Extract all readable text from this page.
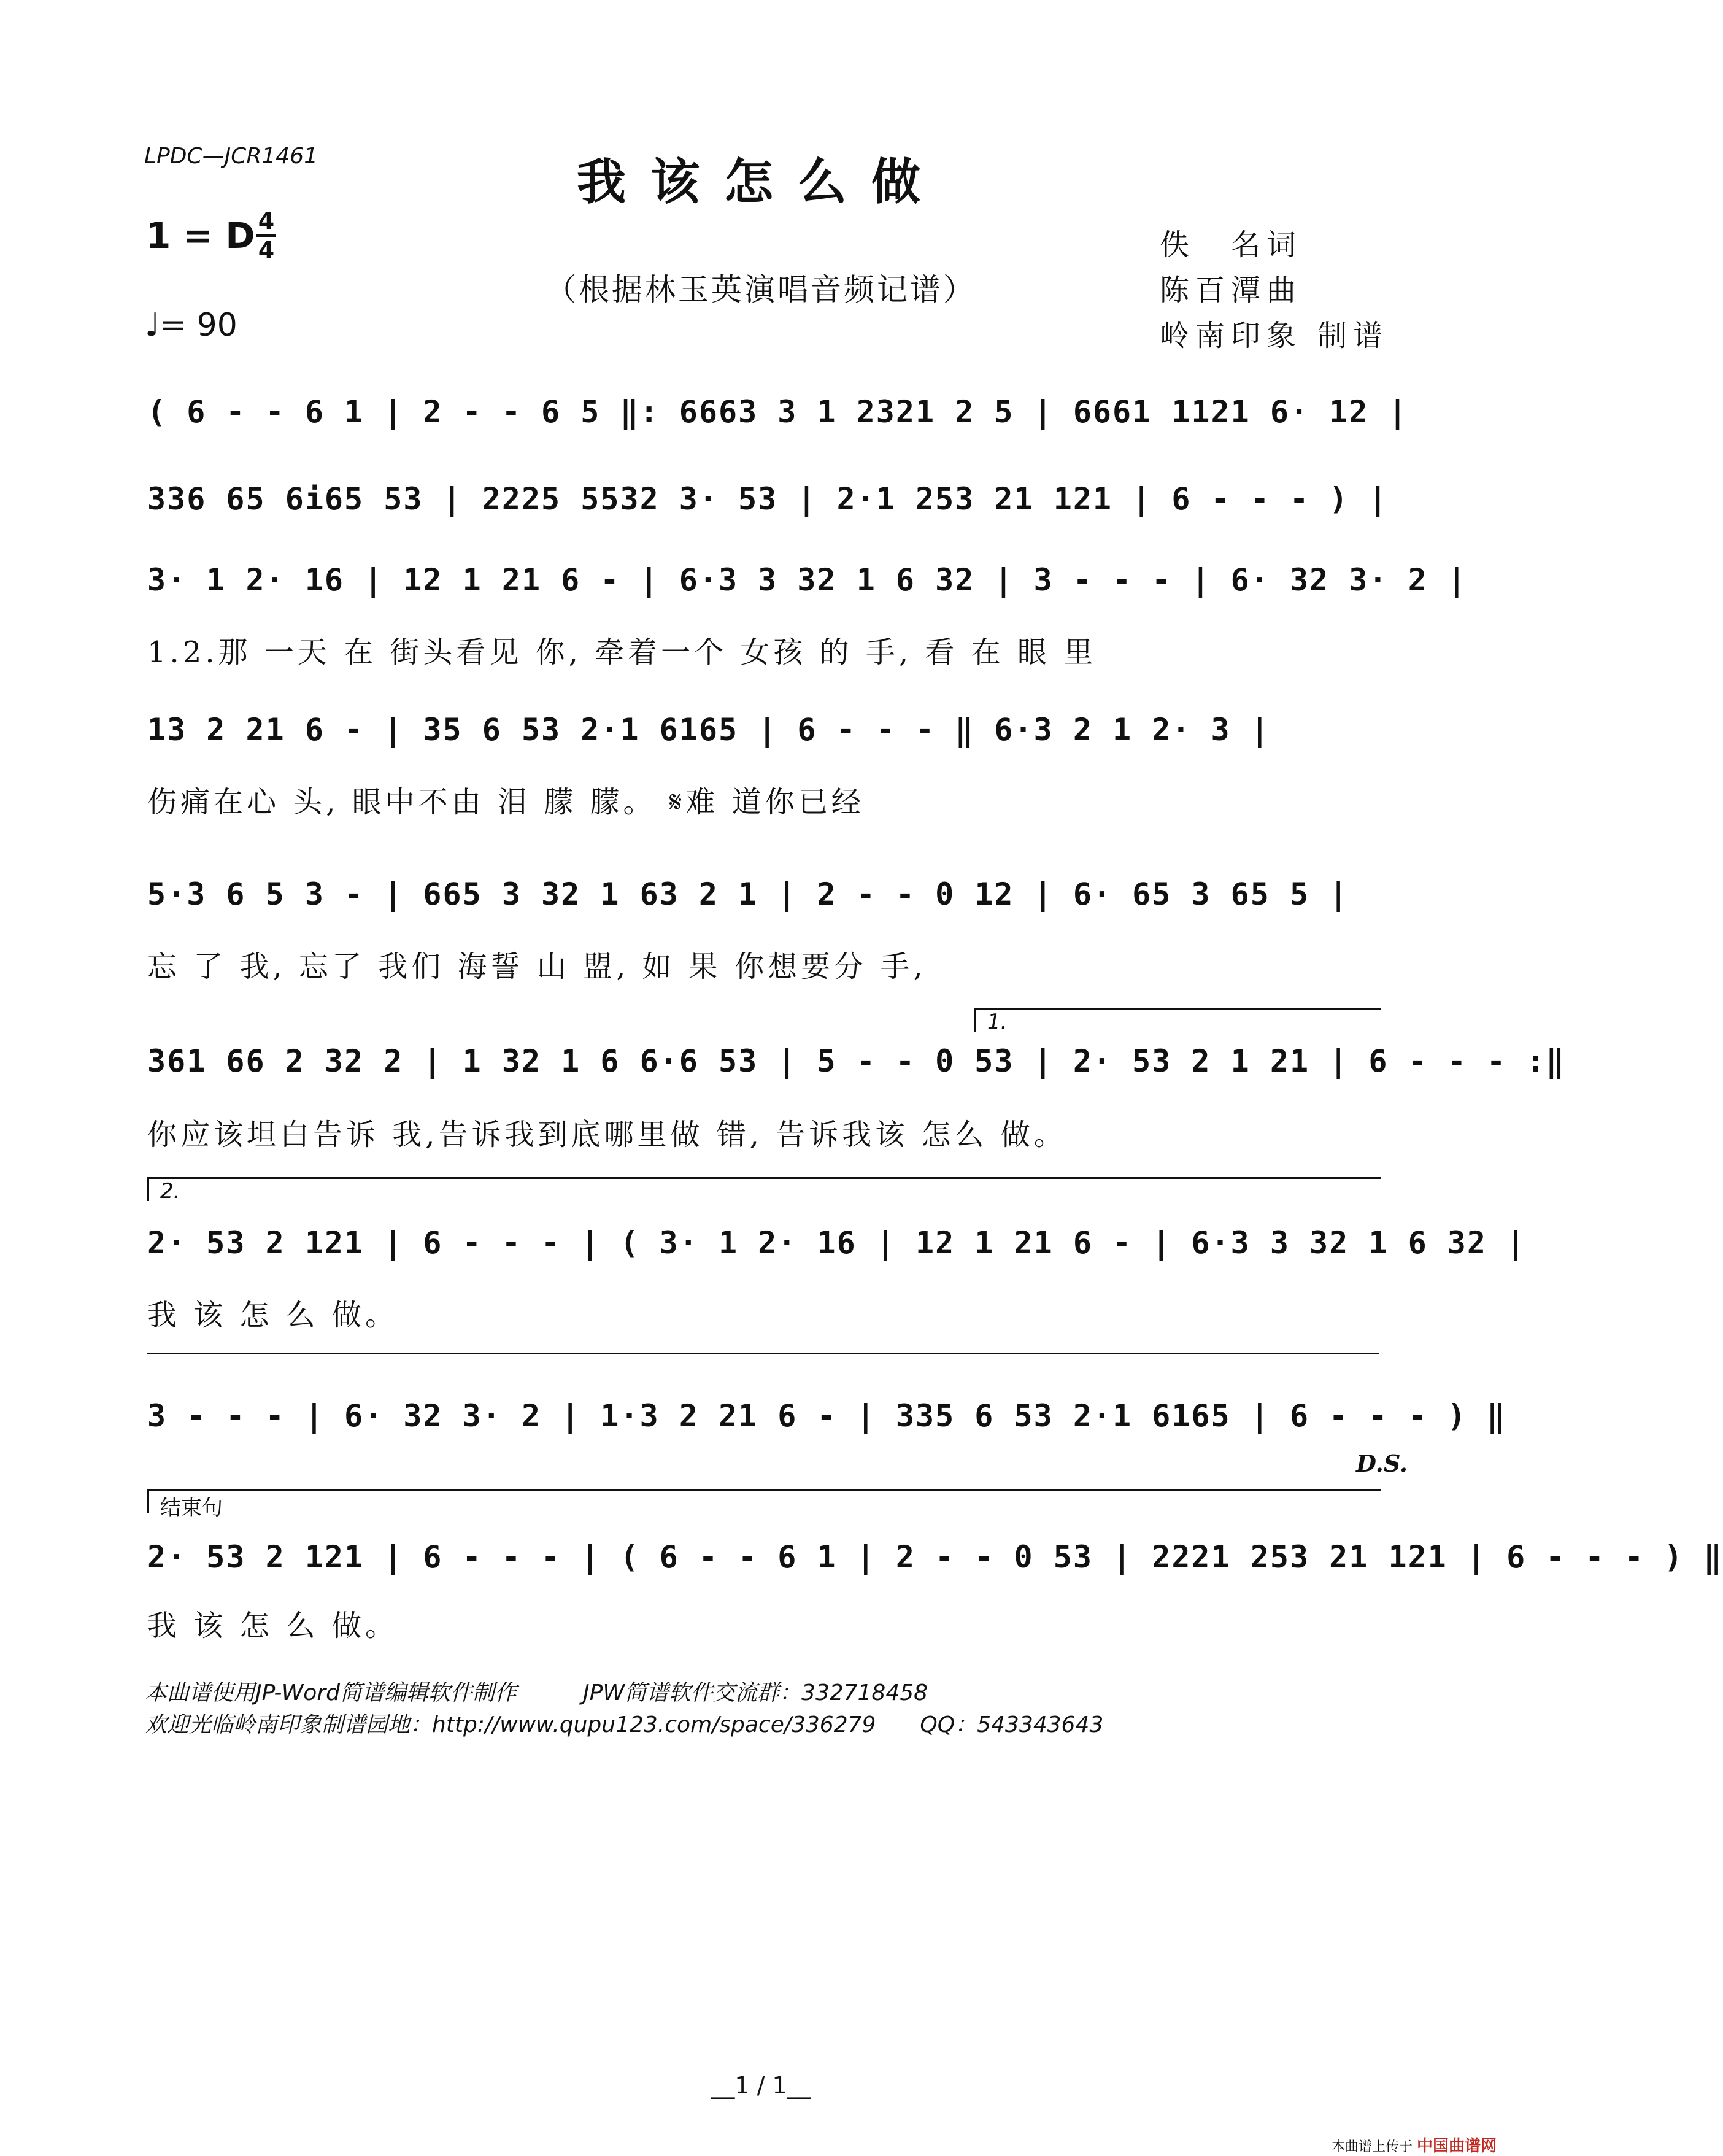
LPDC—JCR1461	我该怎么做
1 = D 4
4
♩= 90
（根据林玉英演唱音频记谱）
佚　名词
陈百潭曲
岭南印象 制谱
( 6 - - 6 1 | 2 - - 6 5 ‖: 6663 3 1 2321 2 5 | 6661 1121 6· 12 |
336 65 6i65 53 | 2225 5532 3· 53 | 2·1 253 21 121 | 6 - - - ) |
3· 1 2· 16 | 12 1 21 6 - | 6·3 3 32 1 6 32 | 3 - - - | 6· 32 3· 2 |
1.2.那 一天 在 街头看见 你, 牵着一个 女孩 的 手, 看 在 眼 里
13 2 21 6 - | 35 6 53 2·1 6165 | 6 - - - ‖ 6·3 2 1 2· 3 |
伤痛在心 头, 眼中不由 泪 朦 朦。 𝄋难 道你已经
5·3 6 5 3 - | 665 3 32 1 63 2 1 | 2 - - 0 12 | 6· 65 3 65 5 |
忘 了 我, 忘了 我们 海誓 山 盟, 如 果 你想要分 手,
1.
361 66 2 32 2 | 1 32 1 6 6·6 53 | 5 - - 0 53 | 2· 53 2 1 21 | 6 - - - :‖
你应该坦白告诉 我,告诉我到底哪里做 错, 告诉我该 怎么 做。
2.
2· 53 2 121 | 6 - - - | ( 3· 1 2· 16 | 12 1 21 6 - | 6·3 3 32 1 6 32 |
我 该 怎 么 做。
3 - - - | 6· 32 3· 2 | 1·3 2 21 6 - | 335 6 53 2·1 6165 | 6 - - - ) ‖
D.S.
结束句
2· 53 2 121 | 6 - - - | ( 6 - - 6 1 | 2 - - 0 53 | 2221 253 21 121 | 6 - - - ) ‖
我 该 怎 么 做。
本曲谱使用JP-Word简谱编辑软件制作　　　JPW简谱软件交流群：332718458
欢迎光临岭南印象制谱园地：http://www.qupu123.com/space/336279　　QQ：543343643
__1 / 1__
本曲谱上传于 中国曲谱网
